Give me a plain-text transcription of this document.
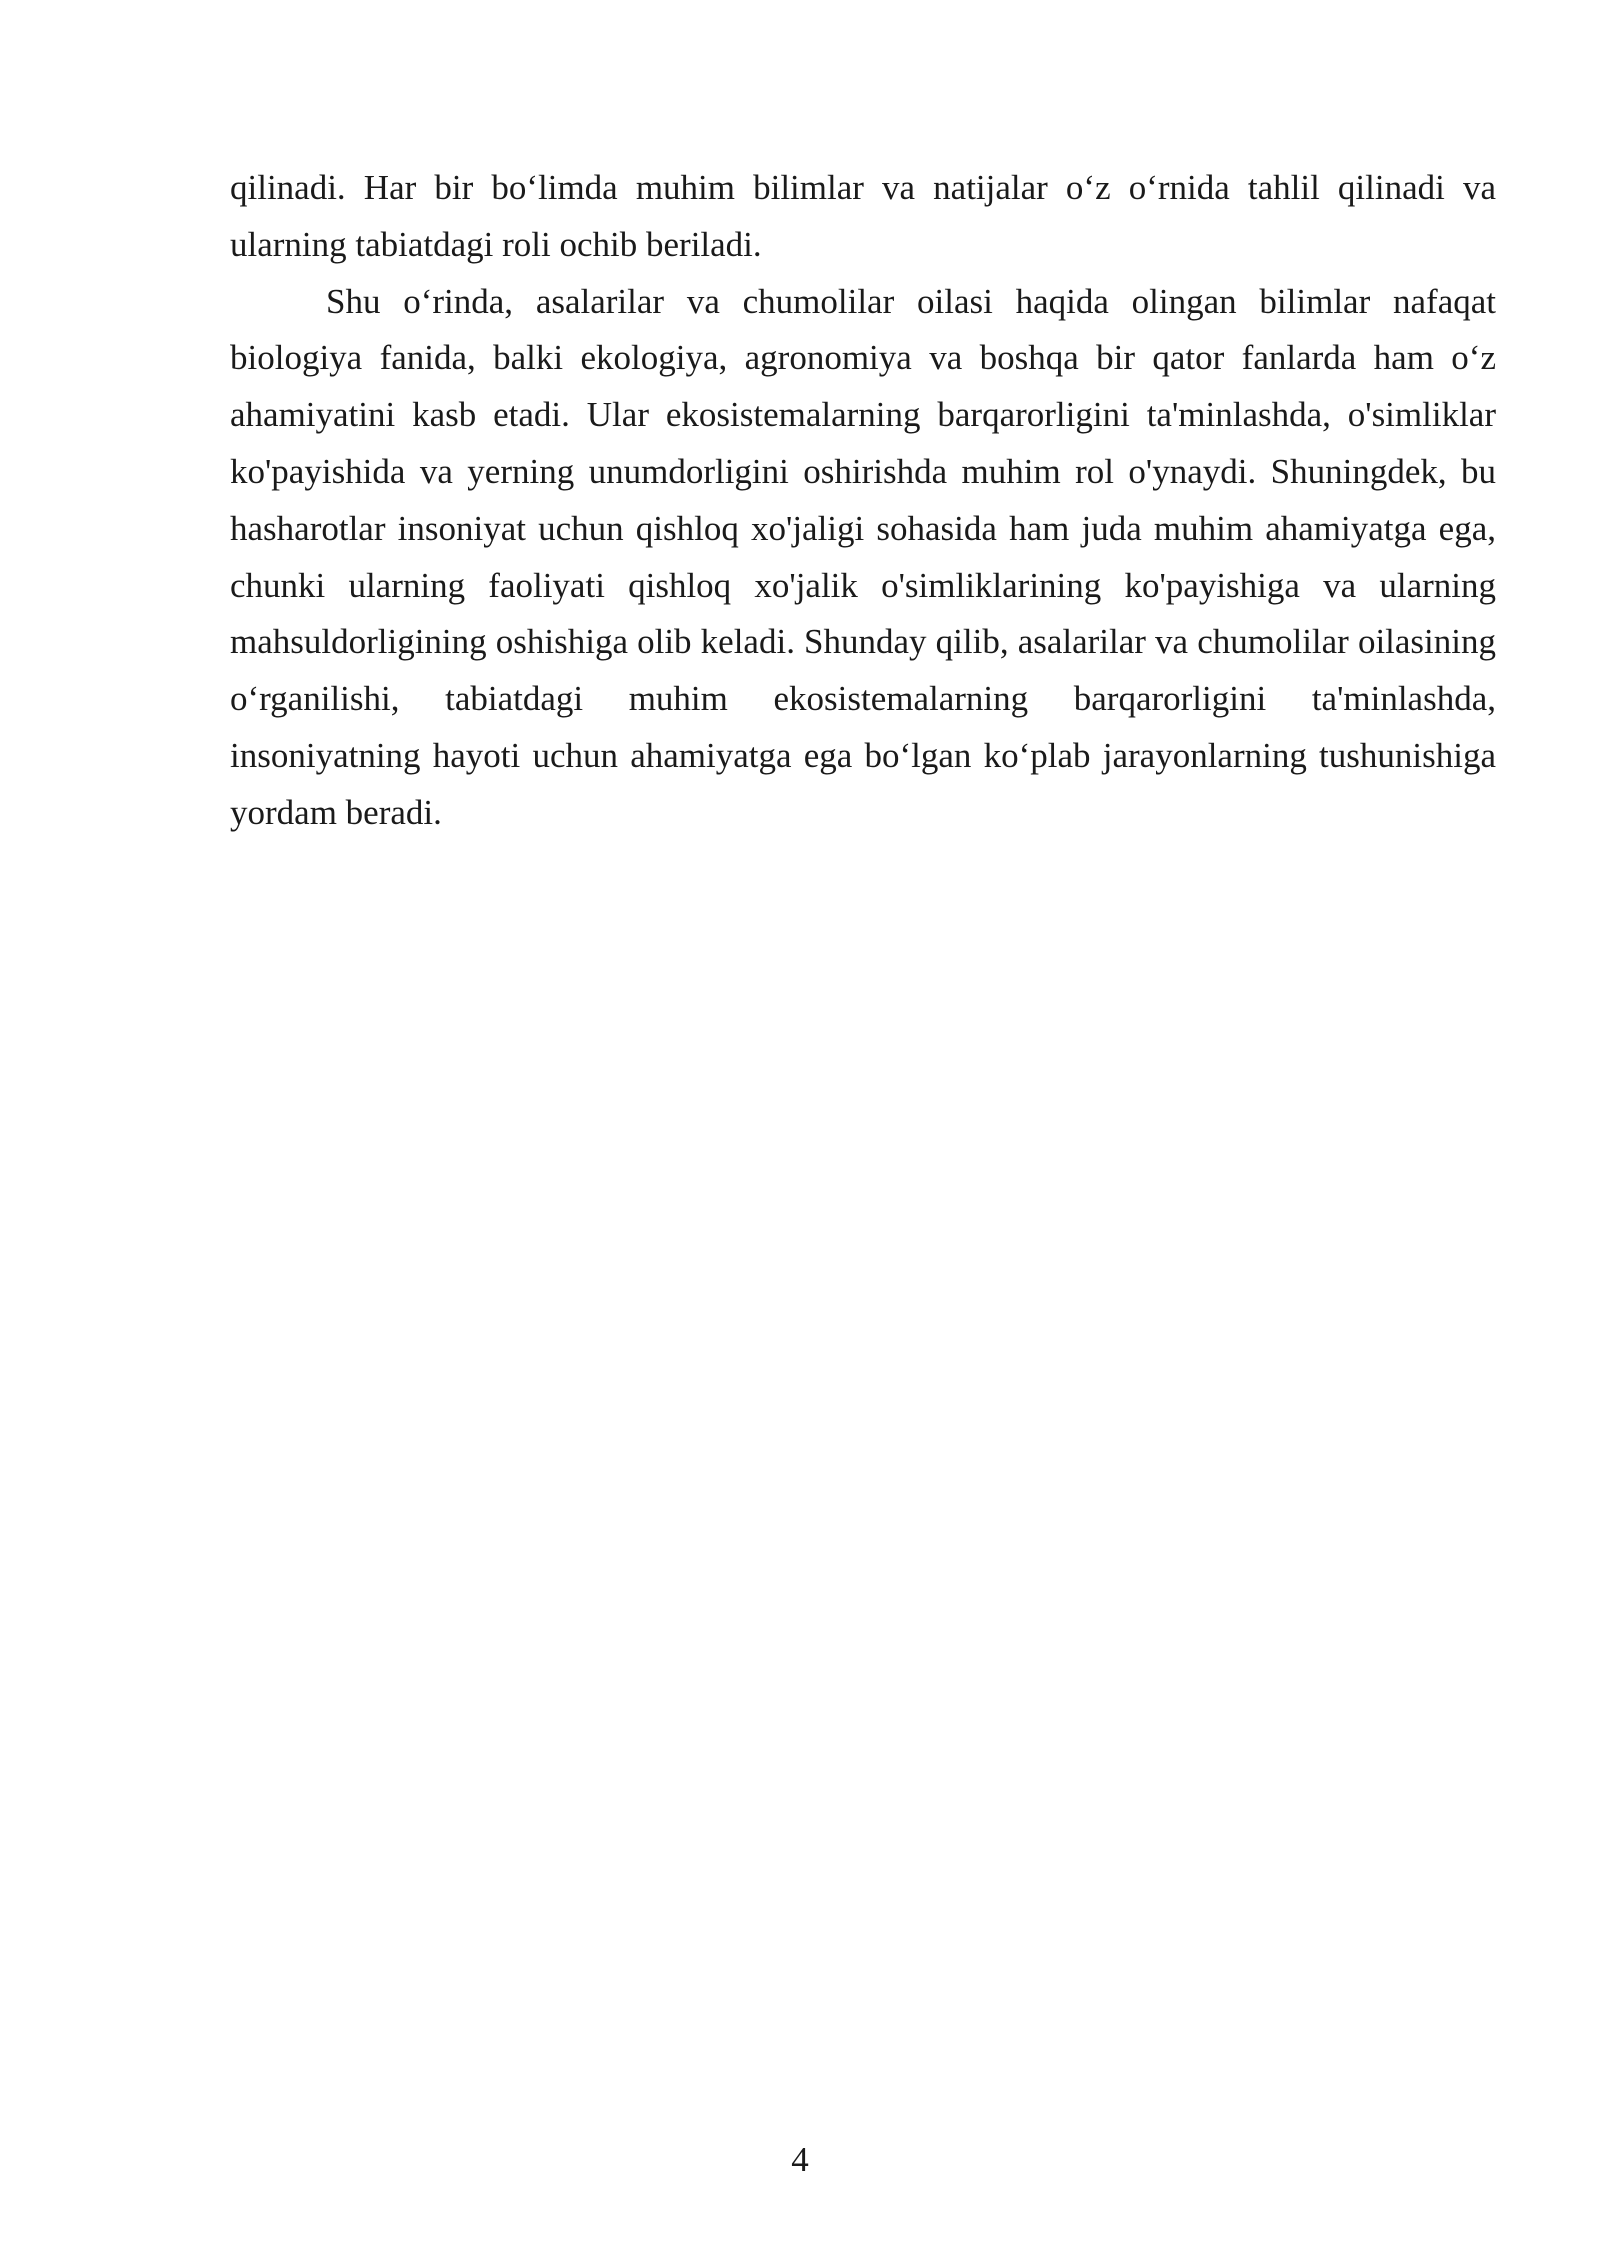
qilinadi. Har bir bo‘limda muhim bilimlar va natijalar o‘z o‘rnida tahlil qilinadi va ularning tabiatdagi roli ochib beriladi.

Shu o‘rinda, asalarilar va chumolilar oilasi haqida olingan bilimlar nafaqat biologiya fanida, balki ekologiya, agronomiya va boshqa bir qator fanlarda ham o‘z ahamiyatini kasb etadi. Ular ekosistemalarning barqarorligini ta'minlashda, o'simliklar ko'payishida va yerning unumdorligini oshirishda muhim rol o'ynaydi. Shuningdek, bu hasharotlar insoniyat uchun qishloq xo'jaligi sohasida ham juda muhim ahamiyatga ega, chunki ularning faoliyati qishloq xo'jalik o'simliklarining ko'payishiga va ularning mahsuldorligining oshishiga olib keladi. Shunday qilib, asalarilar va chumolilar oilasining o‘rganilishi, tabiatdagi muhim ekosistemalarning barqarorligini ta'minlashda, insoniyatning hayoti uchun ahamiyatga ega bo‘lgan ko‘plab jarayonlarning tushunishiga yordam beradi.

4
